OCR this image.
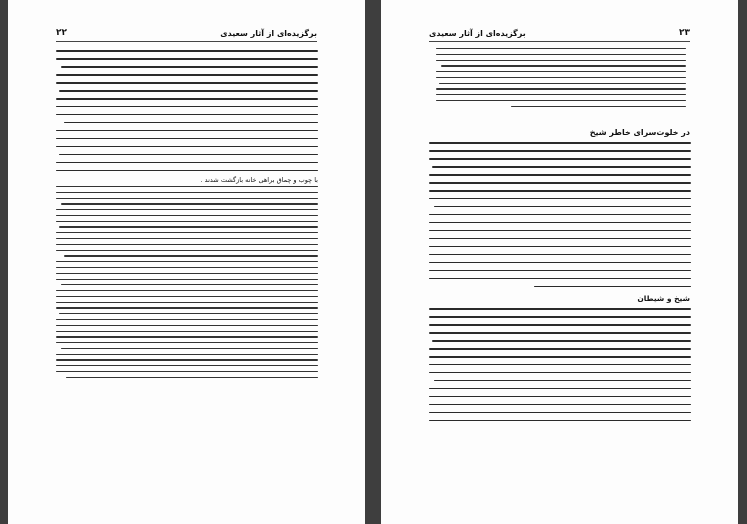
۲۲	برگزیده‌ای از آثار سعیدی
با چوب و چماق براهی خانه بازگشت شدند .
برگزیده‌ای از آثار سعیدی	۲۳
در خلوت‌سرای خاطر شیخ
شیخ و شیطان
